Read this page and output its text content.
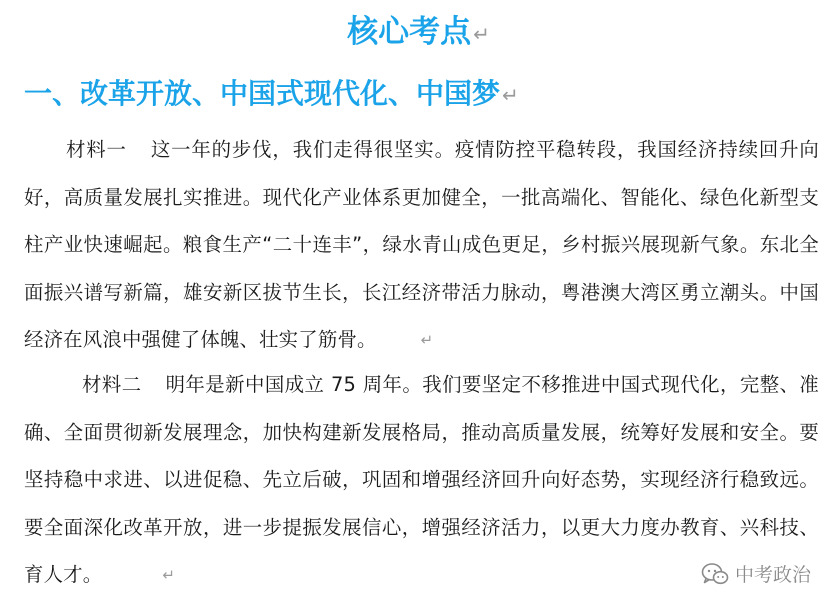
核心考点 ↵
一、改革开放、中国式现代化、中国梦 ↵
材料一 这一年的步伐，我们走得很坚实。疫情防控平稳转段，我国经济持续回升向好，高质量发展扎实推进。现代化产业体系更加健全，一批高端化、智能化、绿色化新型支柱产业快速崛起。粮食生产“二十连丰”，绿水青山成色更足，乡村振兴展现新气象。东北全面振兴谱写新篇，雄安新区拔节生长，长江经济带活力脉动，粤港澳大湾区勇立潮头。中国经济在风浪中强健了体魄、壮实了筋骨。	↵
材料二 明年是新中国成立 75 周年。我们要坚定不移推进中国式现代化，完整、准确、全面贯彻新发展理念，加快构建新发展格局，推动高质量发展，统筹好发展和安全。要坚持稳中求进、以进促稳、先立后破，巩固和增强经济回升向好态势，实现经济行稳致远。要全面深化改革开放，进一步提振发展信心，增强经济活力，以更大力度办教育、兴科技、育人才。	↵	中考政治
